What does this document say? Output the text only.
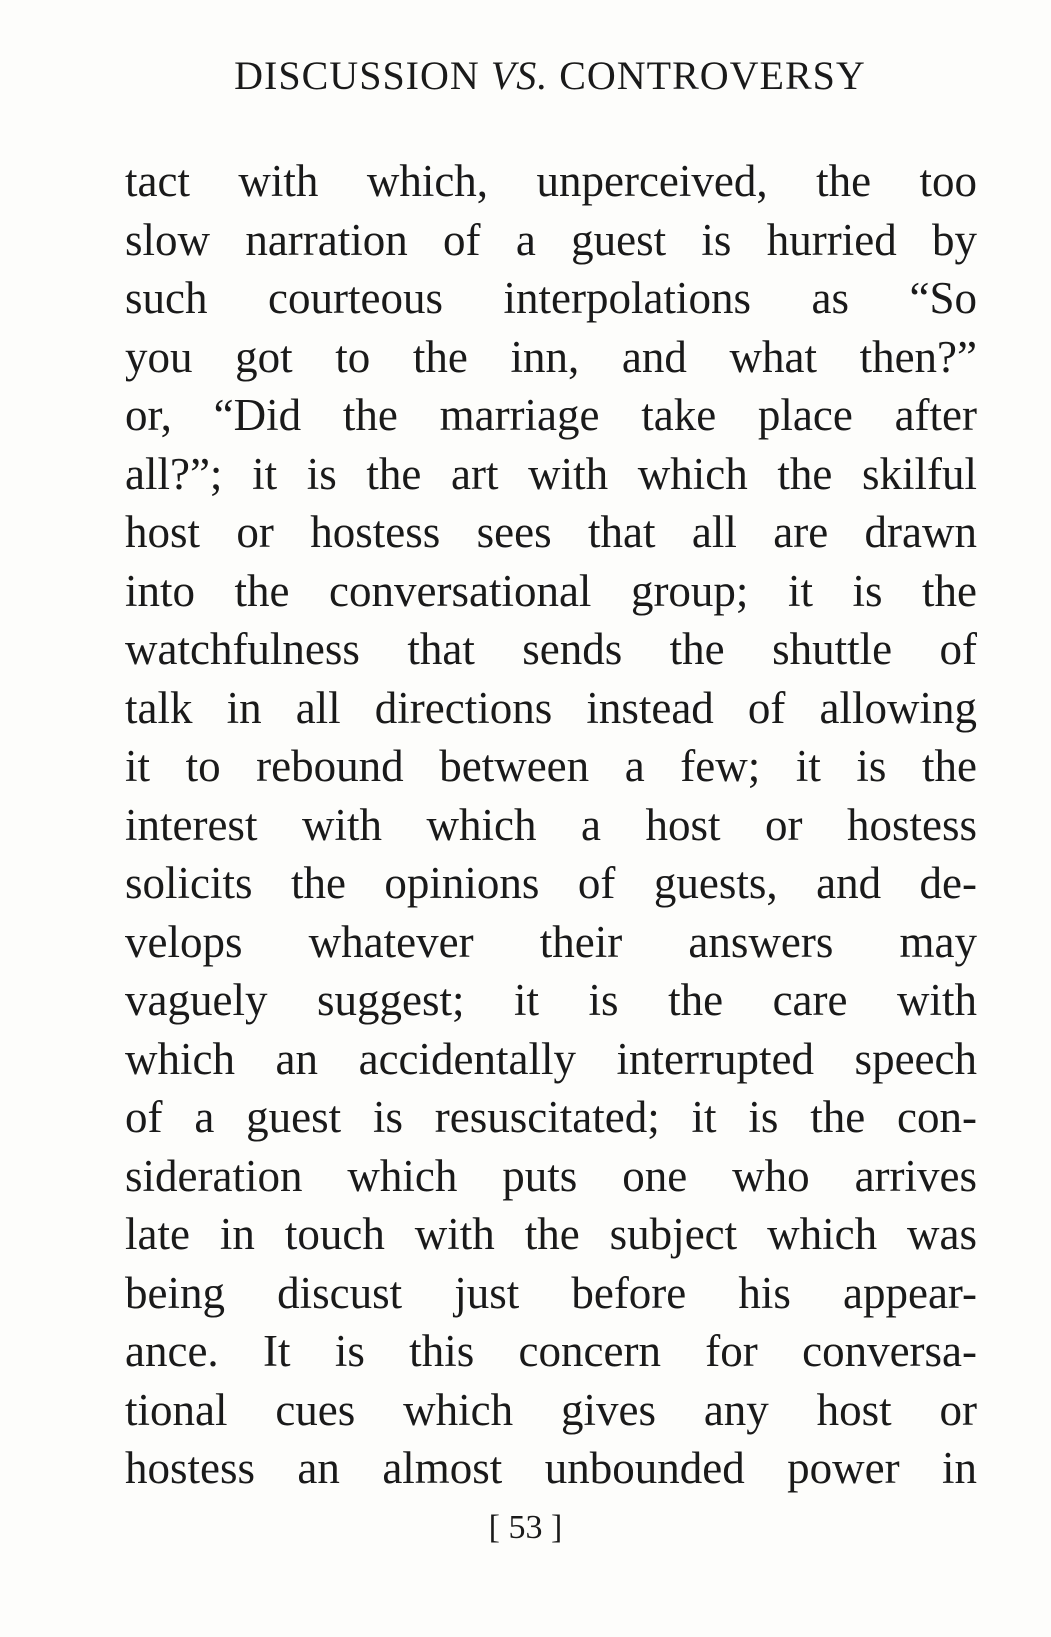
DISCUSSION VS. CONTROVERSY
tact with which, unperceived, the too
slow narration of a guest is hurried by
such courteous interpolations as “So
you got to the inn, and what then?”
or, “Did the marriage take place after
all?”; it is the art with which the skilful
host or hostess sees that all are drawn
into the conversational group; it is the
watchfulness that sends the shuttle of
talk in all directions instead of allowing
it to rebound between a few; it is the
interest with which a host or hostess
solicits the opinions of guests, and de-
velops whatever their answers may
vaguely suggest; it is the care with
which an accidentally interrupted speech
of a guest is resuscitated; it is the con-
sideration which puts one who arrives
late in touch with the subject which was
being discust just before his appear-
ance. It is this concern for conversa-
tional cues which gives any host or
hostess an almost unbounded power in
[ 53 ]
